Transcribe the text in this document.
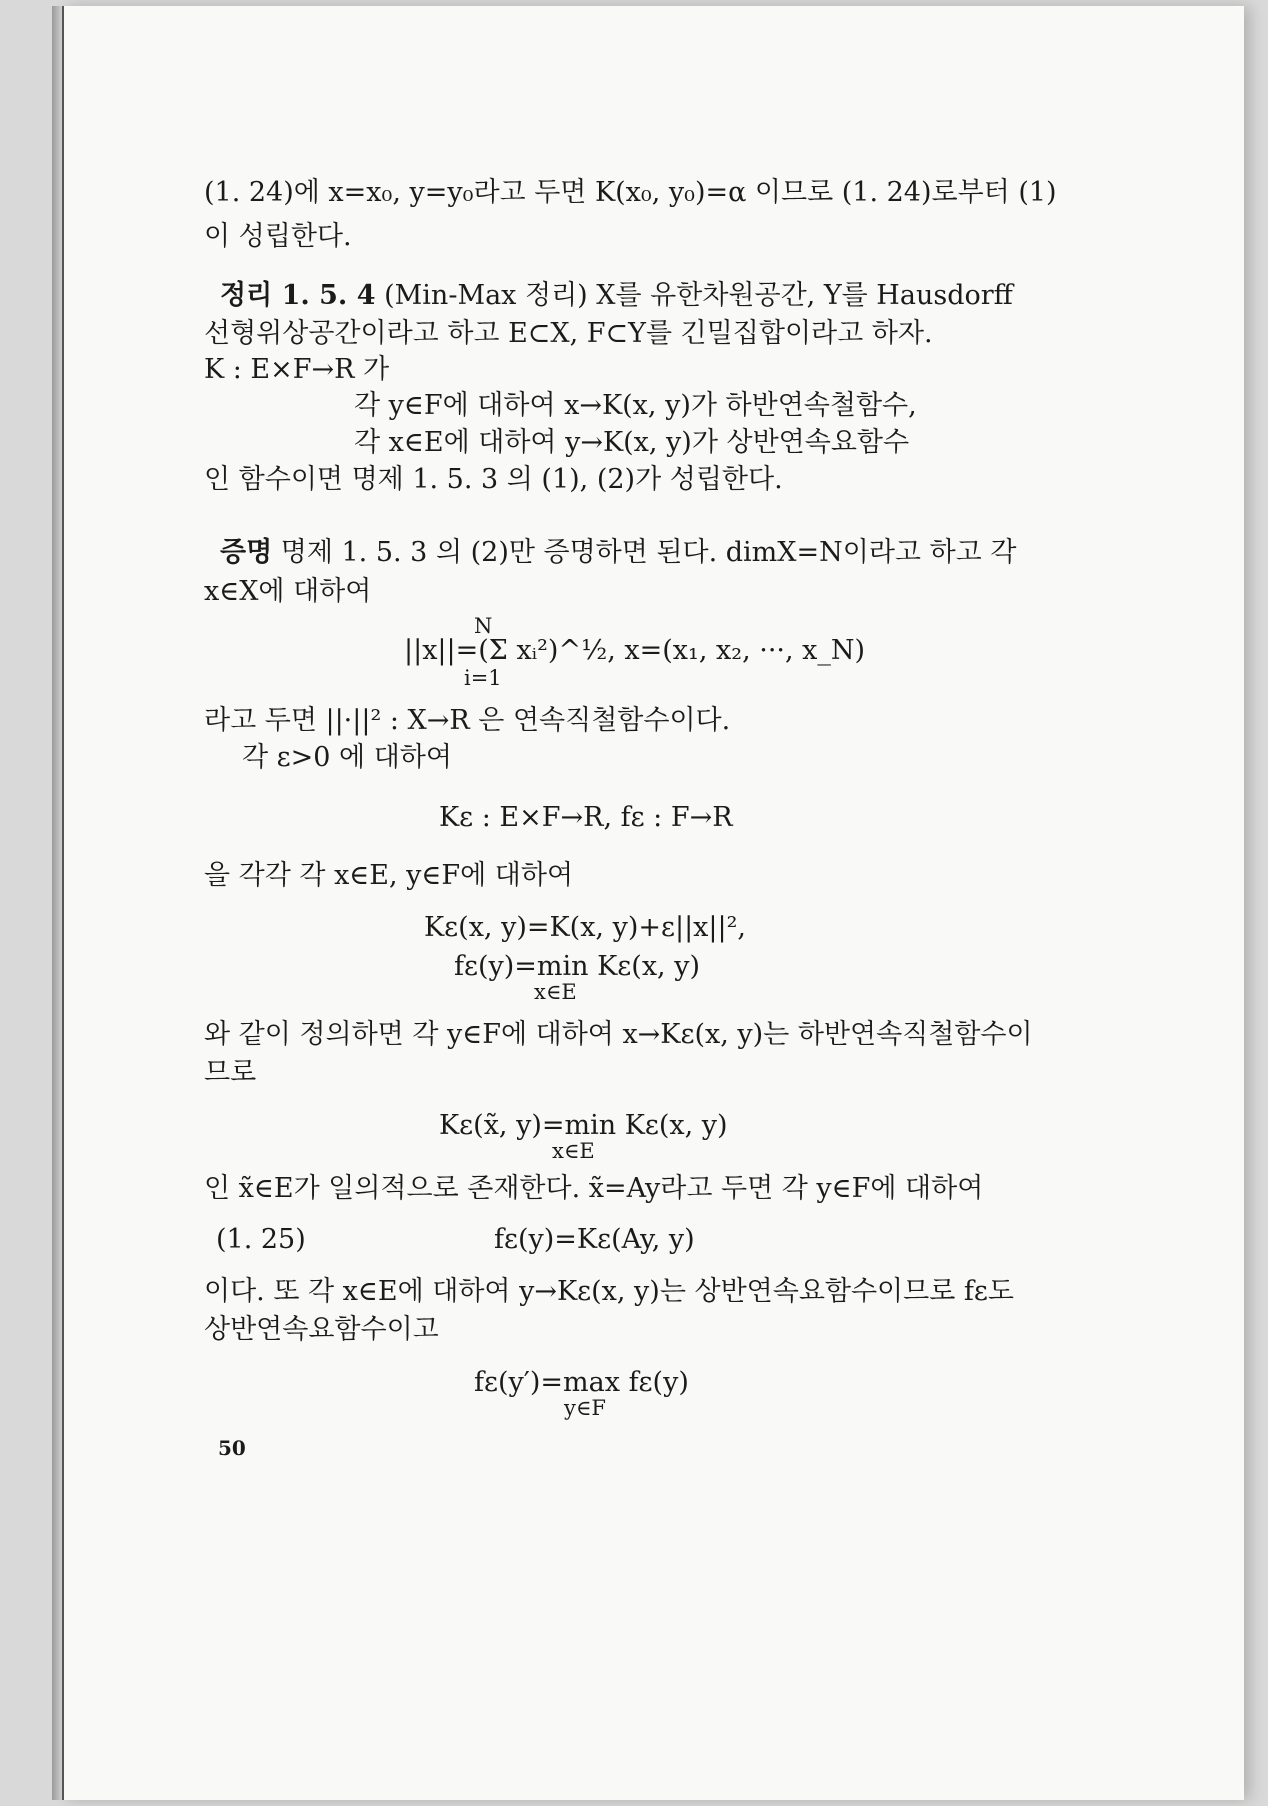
(1. 24)에 x=x₀, y=y₀라고 두면 K(x₀, y₀)=α 이므로 (1. 24)로부터 (1)
이 성립한다.
정리 1. 5. 4 (Min-Max 정리) X를 유한차원공간, Y를 Hausdorff
선형위상공간이라고 하고 E⊂X, F⊂Y를 긴밀집합이라고 하자.
K : E×F→R 가
각 y∈F에 대하여 x→K(x, y)가 하반연속철함수,
각 x∈E에 대하여 y→K(x, y)가 상반연속요함수
인 함수이면 명제 1. 5. 3 의 (1), (2)가 성립한다.
증명 명제 1. 5. 3 의 (2)만 증명하면 된다. dimX=N이라고 하고 각
x∈X에 대하여
||x||=(Σ xᵢ²)^½, x=(x₁, x₂, ···, x_N)
N
i=1
라고 두면 ||·||² : X→R 은 연속직철함수이다.
각 ε>0 에 대하여
Kε : E×F→R, fε : F→R
을 각각 각 x∈E, y∈F에 대하여
Kε(x, y)=K(x, y)+ε||x||²,
fε(y)=min Kε(x, y)
x∈E
와 같이 정의하면 각 y∈F에 대하여 x→Kε(x, y)는 하반연속직철함수이
므로
Kε(x̃, y)=min Kε(x, y)
x∈E
인 x̃∈E가 일의적으로 존재한다. x̃=Ay라고 두면 각 y∈F에 대하여
(1. 25)	fε(y)=Kε(Ay, y)
이다. 또 각 x∈E에 대하여 y→Kε(x, y)는 상반연속요함수이므로 fε도
상반연속요함수이고
fε(y′)=max fε(y)
y∈F
50
